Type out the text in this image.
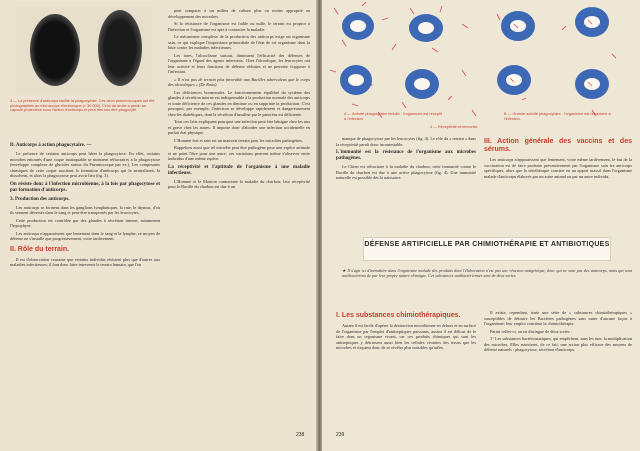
3 — La présence d'anticorps facilite la phagocytose. Ces deux pneumocoques ont été photographiés au microscope électronique (× 30 000). Celui de droite a perdu sa capsule protectrice sous l'action d'anticorps et peut dès lors être phagocyté.
D. Anticorps à action phagocytaire. —

Le présence de certains anticorps peut hâter la phagocytose. En effet, certains microbes entourés d'une coque inattaquable se montrent réfractaires à la phagocytose (enveloppe complexe de glucides autour du Pneumocoque par ex.). Les composants chimiques de cette coque suscitent la formation d'anticorps qui la neutralisent, la dissolvent, et alors la phagocytose peut avoir lieu (fig. 3).

On résiste donc à l'infection microbienne, à la fois par phagocytose et par formation d'anticorps.
3. Production des anticorps.

Les anticorps se forment dans les ganglions lymphatiques, la rate, le thymus, d'où ils seraient déversés dans le sang et peut-être transportés par les leucocytes.

Cette production est contrôlée par des glandes à sécrétion interne, notamment l'hypophyse.

Les anticorps n'apparaissent que lentement dans le sang et la lymphe; ce moyen de défense ne s'installe que progressivement, voire tardivement.

II. Rôle du terrain.

Il est d'observation courante que certains individus résistent plus que d'autres aux maladies infectieuses; il faut donc faire intervenir le terrain humain, que l'on

peut comparer à un milieu de culture plus ou moins approprié au développement des microbes.

Si la résistance de l'organisme est faible ou nulle, le terrain est propice à l'infection et l'organisme est apte à contracter la maladie.

Le mécanisme complexe de la production des anticorps exige un organisme sain, ce qui explique l'importance primordiale de l'état de cet organisme dans la lutte contre les maladies infectieuses.

Les tares, l'alcoolisme surtout, diminuent l'efficacité des défenses de l'organisme à l'égard des agents infectieux. Chez l'alcoolique, les leucocytes ont leur activité et leurs fonctions de défense réduites et ne peuvent s'opposer à l'infection.

« Il n'est pas de terrain plus favorable aux Bacilles tuberculeux que le corps des alcooliques » (Dr Roux).

Les déficiences hormonales. Le fonctionnement équilibré du système des glandes à sécrétion interne est indispensable à la production normale des anticorps et toute déficience de ces glandes en diminue ou en supprime la production. C'est pourquoi, par exemple, l'infection se développe rapidement et dangereusement chez les diabétiques, dont la sécrétion d'insuline par le pancréas est déficiente.

Tous ces faits expliquent pourquoi une infection peut être bénigne chez les uns et grave chez les autres. Il importe donc d'aborder une infection accidentelle en parfait état physique.

L'Homme fort et sain est un mauvais terrain pour les microbes pathogènes.

Rappelons aussi que tel microbe peut être pathogène pour une espèce animale et ne point l'être pour une autre; ces variations peuvent même s'observer entre individus d'une même espèce.

La réceptivité et l'aptitude de l'organisme à une maladie infectieuse.

L'Homme et le Mouton contractent la maladie du charbon; leur réceptivité pour le Bacille du charbon est due à un

238
A — Activité phagocytaire réduite : l'organisme est réceptif à l'infection.
B — Grande activité phagocytaire : l'organisme est réfractaire à l'infection.
4 — Réceptivité et immunité.

manque de phagocytose par les leucocytes (fig. 4). Le rôle du « terrain » dans la réceptivité paraît donc incontestable.

L'immunité est la résistance de l'organisme aux microbes pathogènes.

Le Chien est réfractaire à la maladie du charbon; cette immunité contre le Bacille du charbon est due à une active phagocytose (fig. 4). Une immunité naturelle est possible dès la naissance.

III. Action générale des vaccins et des sérums.

Les anticorps n'apparaissent que lentement, voire même tardivement, le but de la vaccination est de faire produire préventivement par l'organisme sain les anticorps spécifiques, alors que la sérothérapie consiste en un apport massif dans l'organisme malade d'anticorps élaborés par un autre animal ou par un autre individu.

DÉFENSE ARTIFICIELLE PAR CHIMIOTHÉRAPIE ET ANTIBIOTIQUES
★ Il s'agit ici d'introduire dans l'organisme malade des produits dont l'élaboration n'est pas une réaction antigénique, donc qui ne sont pas des anticorps, mais qui sont antibactériens de par leur propre nature chimique. Ces substances antibactériennes sont de deux sortes.
I. Les substances chimiothérapiques.

Autant il est facile d'opérer la destruction microbienne en dehors et en surface de l'organisme par l'emploi d'antiseptiques puissants, autant il est délicat de le faire dans un organisme vivant, car ces produits chimiques qui sont les antiseptiques y détruisent aussi bien les cellules vivantes des tissus que les microbes et risquent donc de se révéler plus nuisibles qu'utiles.

Il existe, cependant, toute une série de « substances chimiothérapiques » susceptibles de détruire les Bactéries pathogènes sans nuire d'aucune façon à l'organisme; leur emploi constitue la chimiothérapie.

Parmi celles-ci, on en distingue de deux sortes :

1° Les substances bactériostatiques, qui empêchent, sans les tuer, la multiplication des microbes. Elles autorisent, de ce fait, une action plus efficace des moyens de défense naturels : phagocytose, sécrétion d'anticorps.

239
